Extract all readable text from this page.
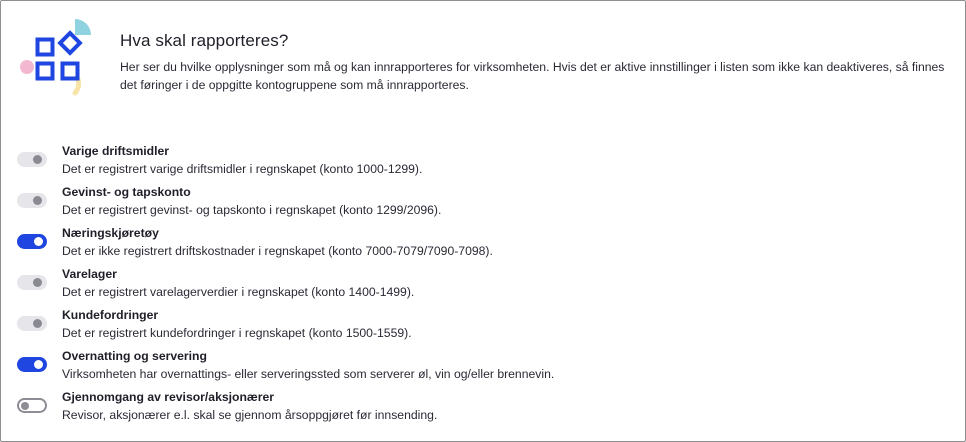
Hva skal rapporteres?

Her ser du hvilke opplysninger som må og kan innrapporteres for virksomheten. Hvis det er aktive innstillinger i listen som ikke kan deaktiveres, så finnes det føringer i de oppgitte kontogruppene som må innrapporteres.

Varige driftsmidler
Det er registrert varige driftsmidler i regnskapet (konto 1000-1299).
Gevinst- og tapskonto
Det er registrert gevinst- og tapskonto i regnskapet (konto 1299/2096).
Næringskjøretøy
Det er ikke registrert driftskostnader i regnskapet (konto 7000-7079/7090-7098).
Varelager
Det er registrert varelagerverdier i regnskapet (konto 1400-1499).
Kundefordringer
Det er registrert kundefordringer i regnskapet (konto 1500-1559).
Overnatting og servering
Virksomheten har overnattings- eller serveringssted som serverer øl, vin og/eller brennevin.
Gjennomgang av revisor/aksjonærer
Revisor, aksjonærer e.l. skal se gjennom årsoppgjøret før innsending.
